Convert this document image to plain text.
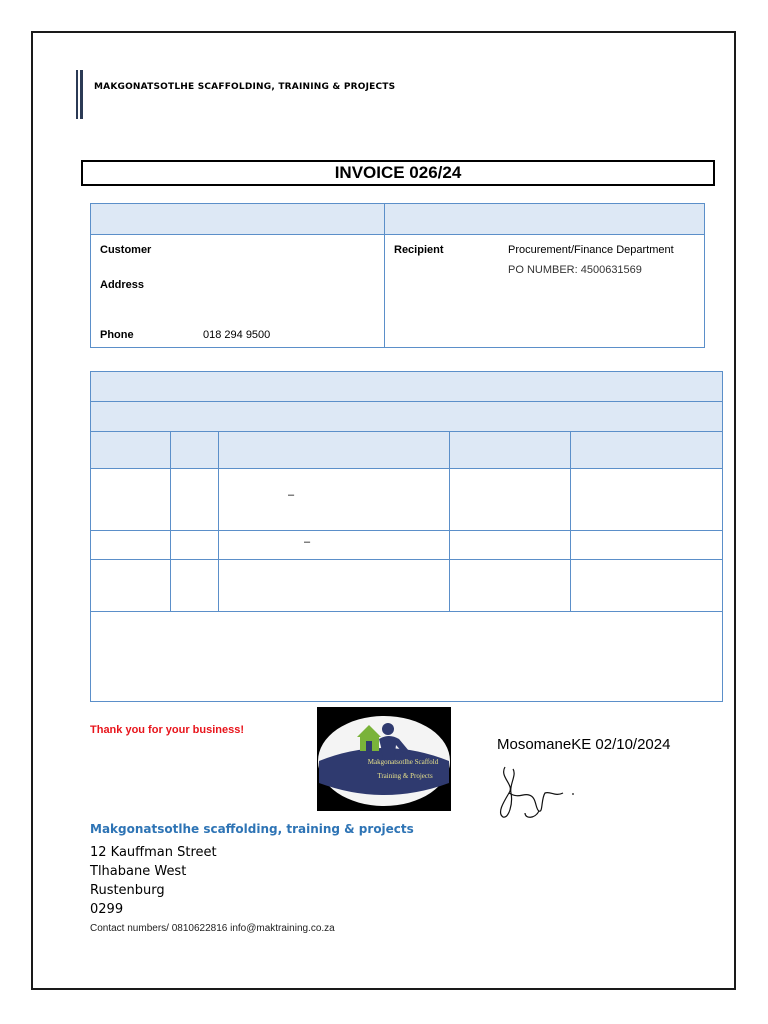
MAKGONATSOTLHE SCAFFOLDING, TRAINING & PROJECTS
INVOICE 026/24
Customer
Address
Phone	018 294 9500
Recipient	Procurement/Finance Department
PO NUMBER: 4500631569
–
–
Thank you for your business!
Makgonatsotlhe Scaffold
Training & Projects
MosomaneKE 02/10/2024
Makgonatsotlhe scaffolding, training & projects
12 Kauffman Street
Tlhabane West
Rustenburg
0299
Contact numbers/ 0810622816 info@maktraining.co.za
